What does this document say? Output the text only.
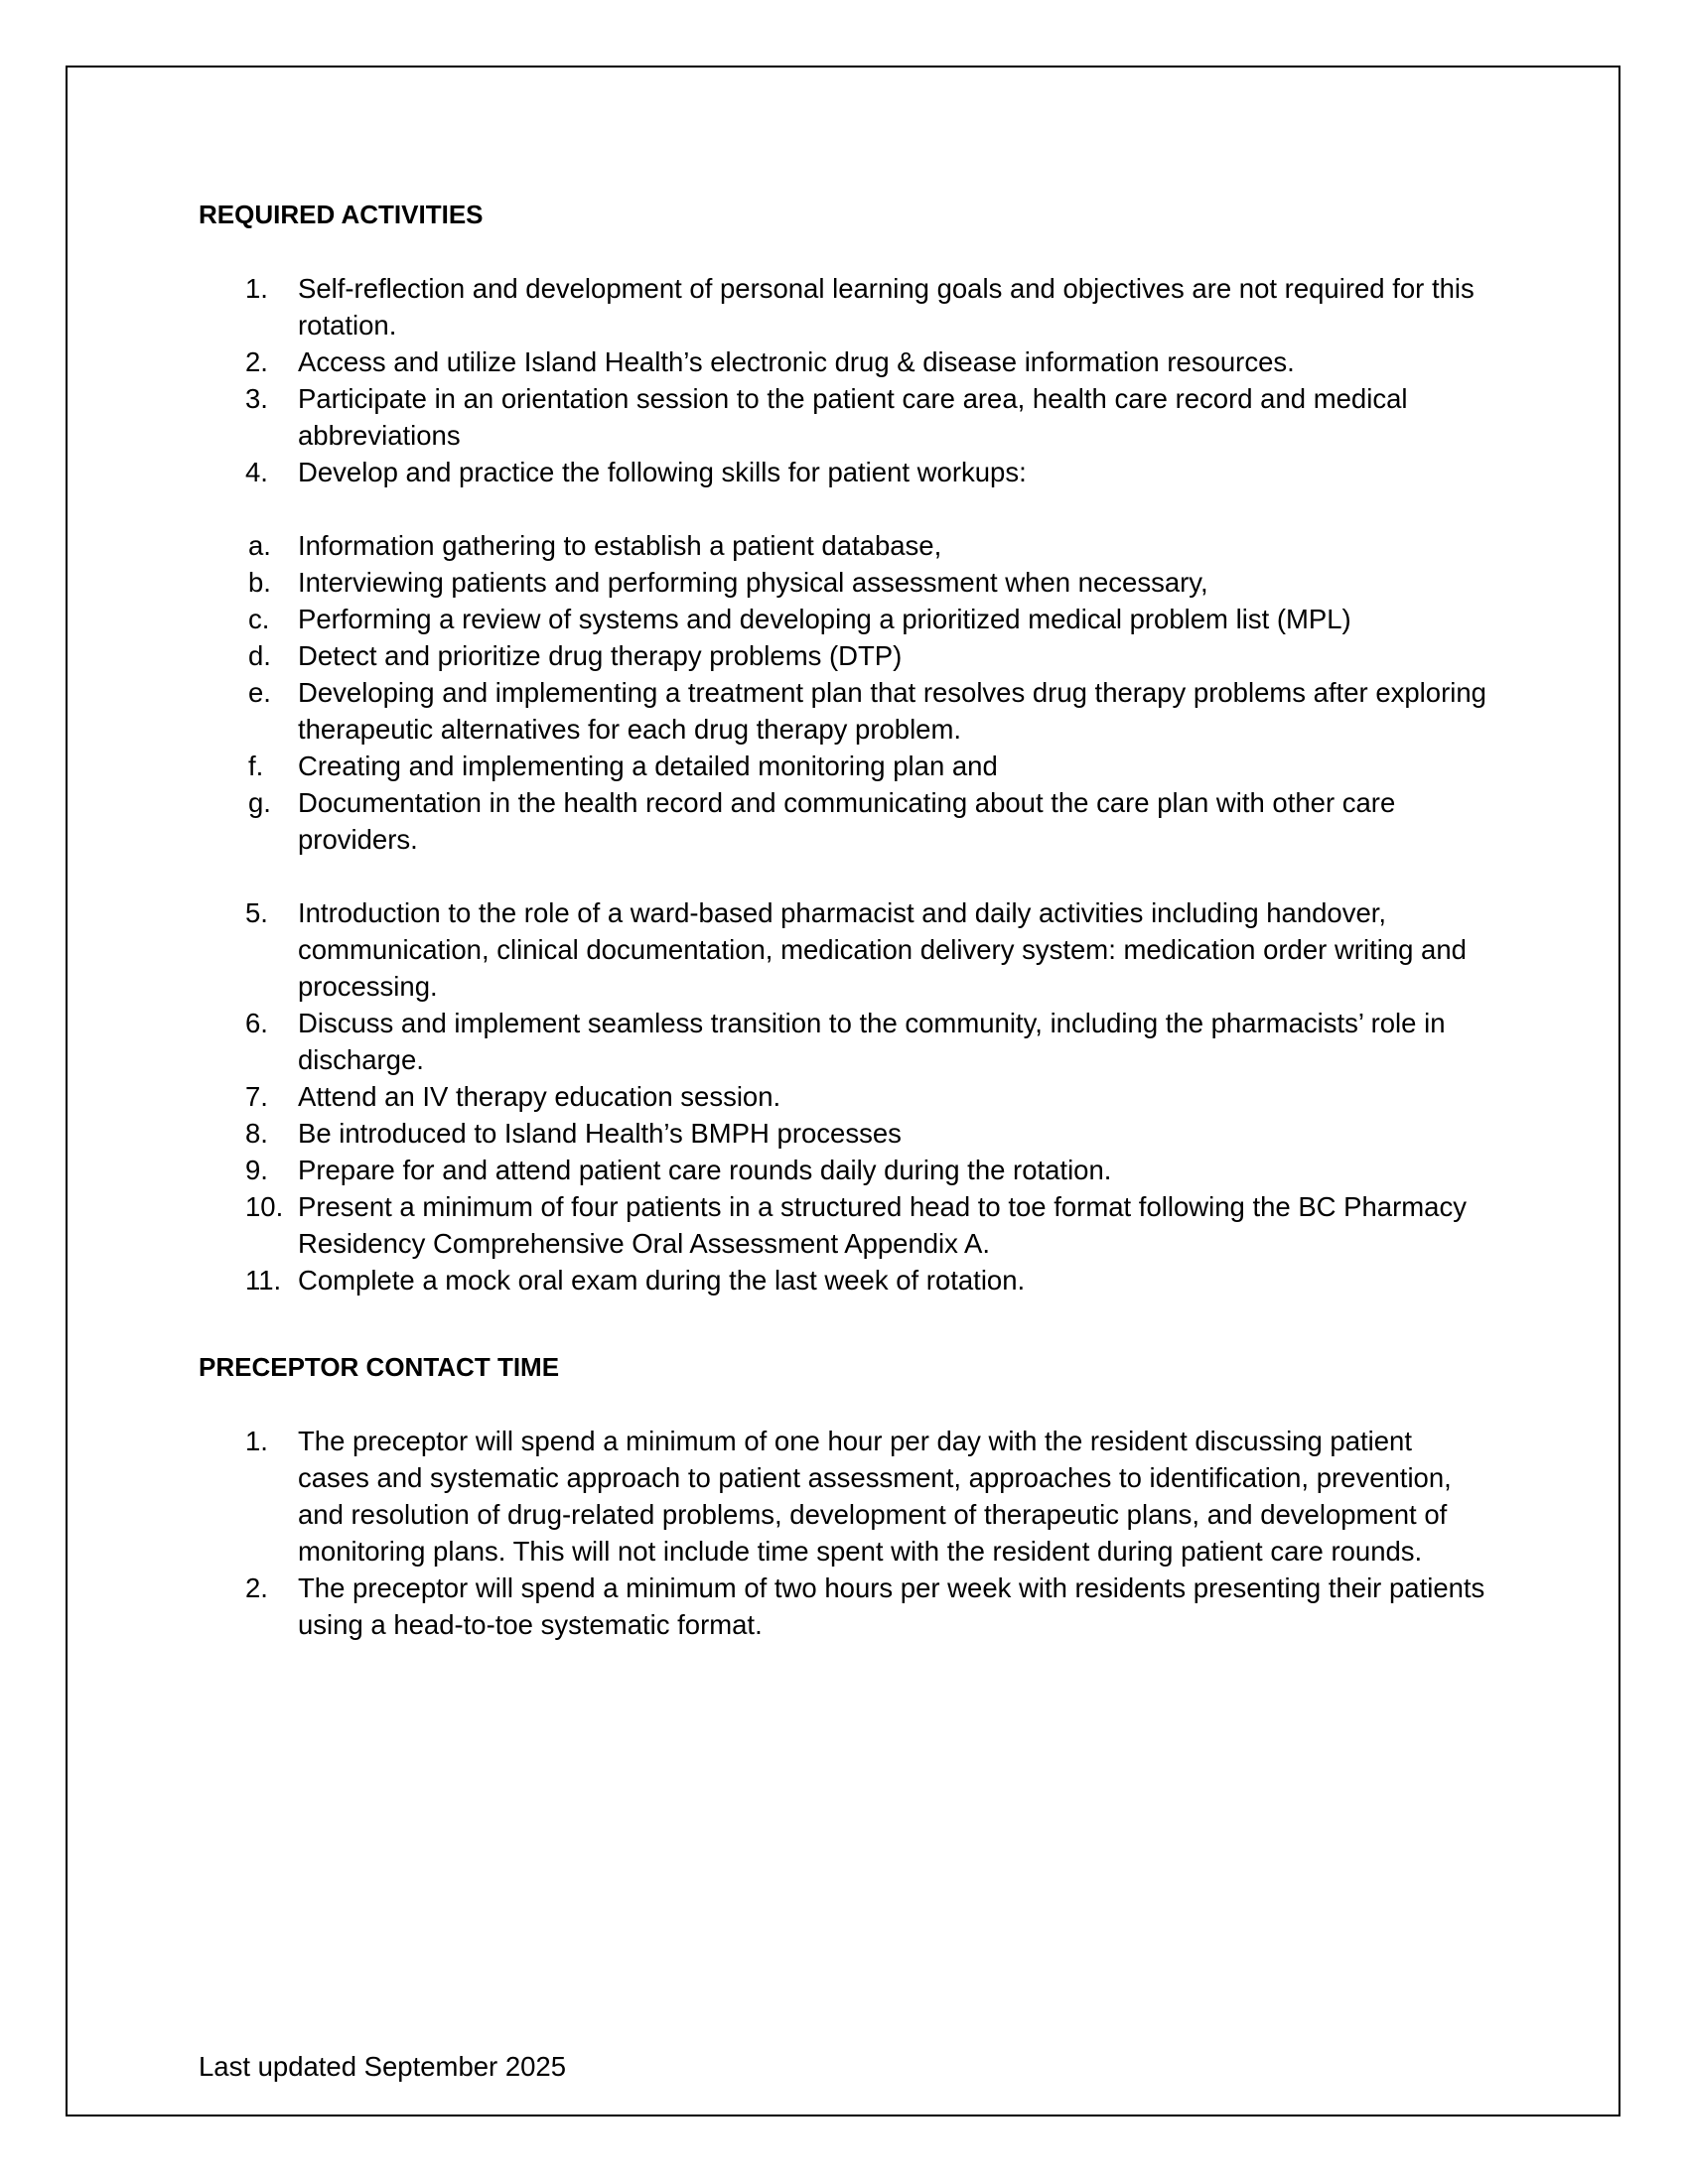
REQUIRED ACTIVITIES
1. Self-reflection and development of personal learning goals and objectives are not required for this rotation.
2. Access and utilize Island Health’s electronic drug & disease information resources.
3. Participate in an orientation session to the patient care area, health care record and medical abbreviations
4. Develop and practice the following skills for patient workups:
a. Information gathering to establish a patient database,
b. Interviewing patients and performing physical assessment when necessary,
c. Performing a review of systems and developing a prioritized medical problem list (MPL)
d. Detect and prioritize drug therapy problems (DTP)
e. Developing and implementing a treatment plan that resolves drug therapy problems after exploring therapeutic alternatives for each drug therapy problem.
f. Creating and implementing a detailed monitoring plan and
g. Documentation in the health record and communicating about the care plan with other care providers.
5. Introduction to the role of a ward-based pharmacist and daily activities including handover, communication, clinical documentation, medication delivery system: medication order writing and processing.
6. Discuss and implement seamless transition to the community, including the pharmacists’ role in discharge.
7. Attend an IV therapy education session.
8. Be introduced to Island Health’s BMPH processes
9. Prepare for and attend patient care rounds daily during the rotation.
10. Present a minimum of four patients in a structured head to toe format following the BC Pharmacy Residency Comprehensive Oral Assessment Appendix A.
11. Complete a mock oral exam during the last week of rotation.
PRECEPTOR CONTACT TIME
1. The preceptor will spend a minimum of one hour per day with the resident discussing patient cases and systematic approach to patient assessment, approaches to identification, prevention, and resolution of drug-related problems, development of therapeutic plans, and development of monitoring plans. This will not include time spent with the resident during patient care rounds.
2. The preceptor will spend a minimum of two hours per week with residents presenting their patients using a head-to-toe systematic format.
Last updated September 2025
